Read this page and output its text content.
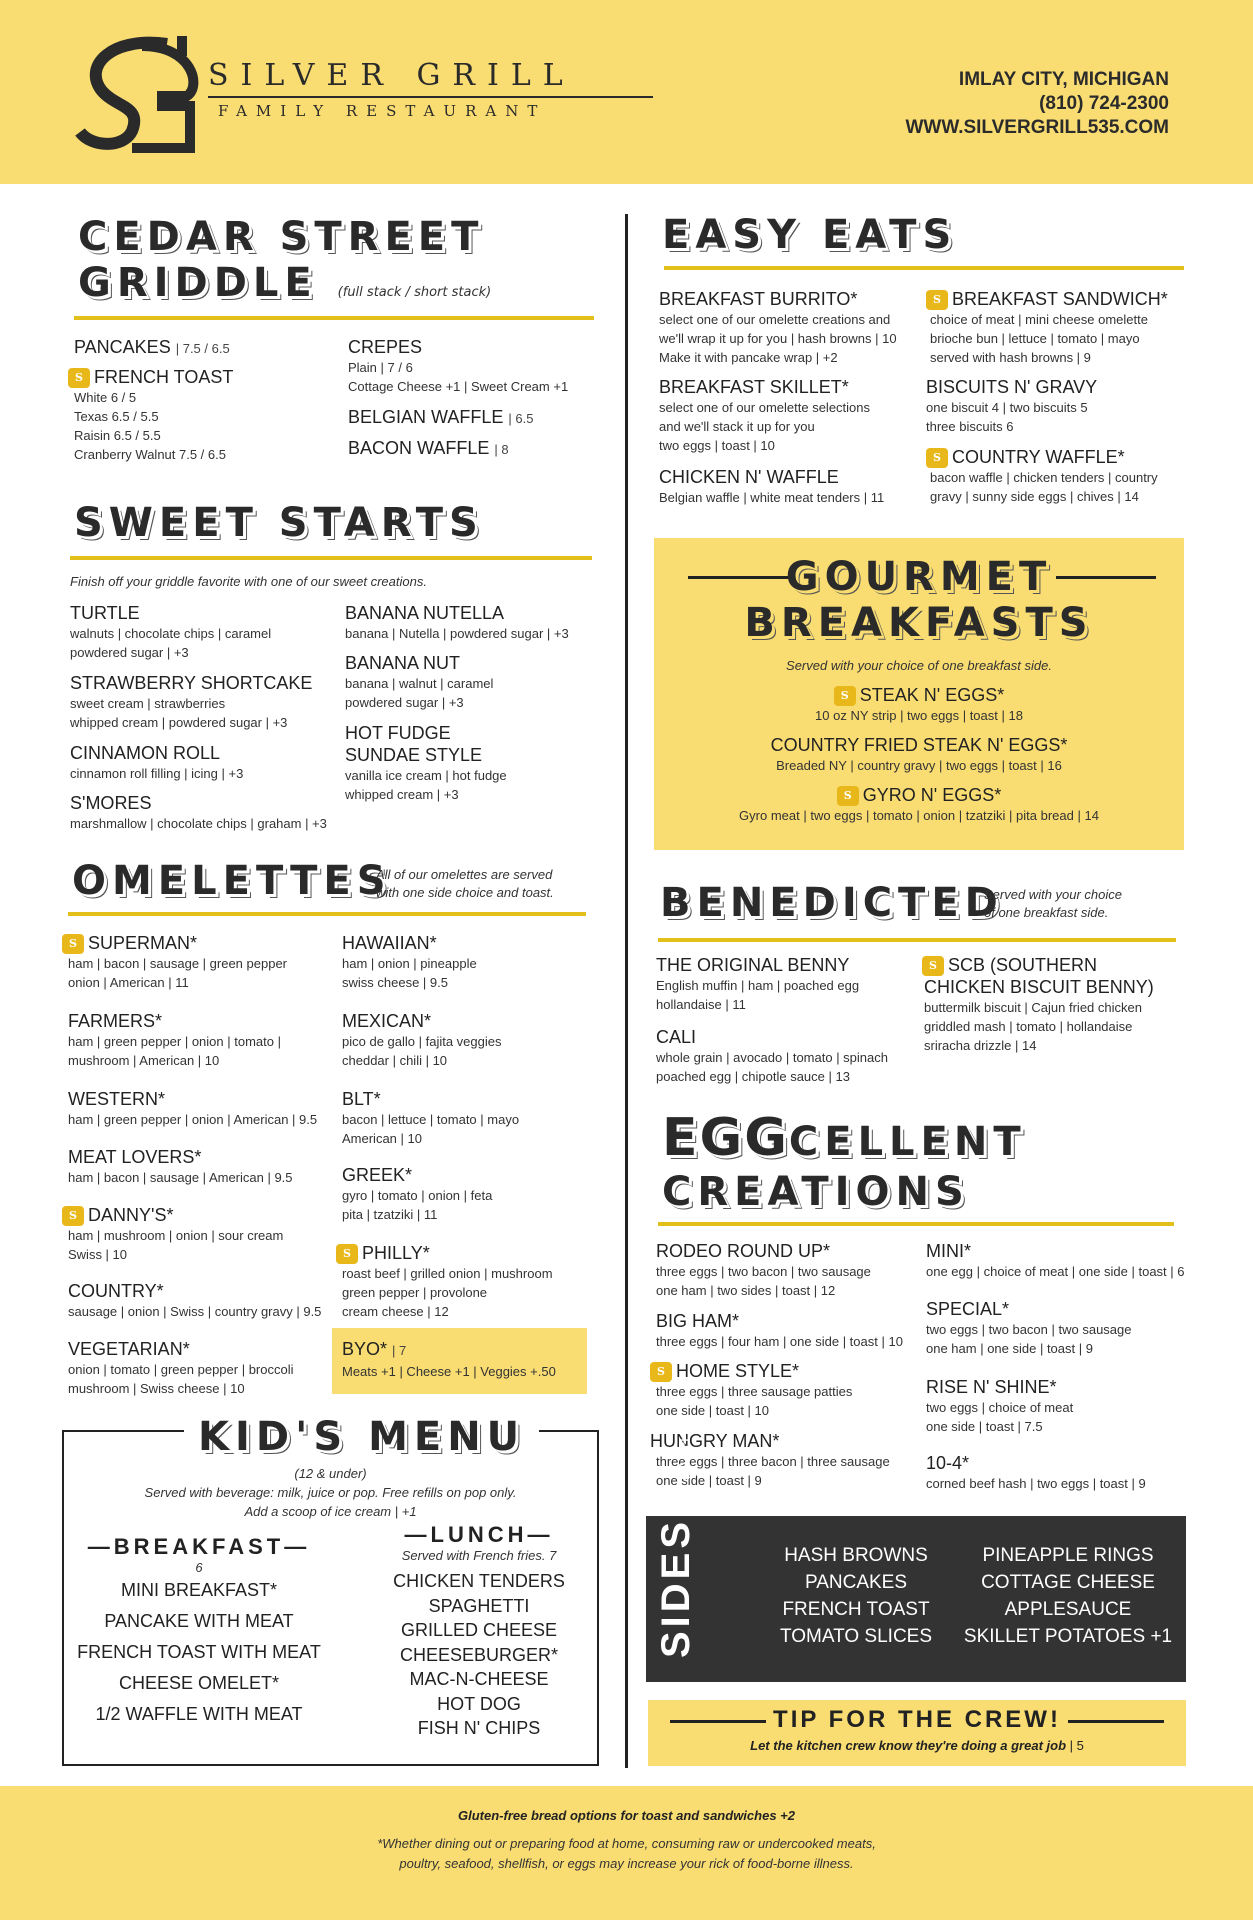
SILVER GRILL
FAMILY RESTAURANT
IMLAY CITY, MICHIGAN
(810) 724-2300
WWW.SILVERGRILL535.COM
CEDAR STREET
GRIDDLE (full stack / short stack)
PANCAKES | 7.5 / 6.5
S FRENCH TOAST
White 6 / 5
Texas 6.5 / 5.5
Raisin 6.5 / 5.5
Cranberry Walnut 7.5 / 6.5
CREPES
Plain | 7 / 6
Cottage Cheese +1 | Sweet Cream +1
BELGIAN WAFFLE | 6.5
BACON WAFFLE | 8
SWEET STARTS
Finish off your griddle favorite with one of our sweet creations.
TURTLE
walnuts | chocolate chips | caramel
powdered sugar | +3
STRAWBERRY SHORTCAKE
sweet cream | strawberries
whipped cream | powdered sugar | +3
CINNAMON ROLL
cinnamon roll filling | icing | +3
S'MORES
marshmallow | chocolate chips | graham | +3
BANANA NUTELLA
banana | Nutella | powdered sugar | +3
BANANA NUT
banana | walnut | caramel
powdered sugar | +3
HOT FUDGE
SUNDAE STYLE
vanilla ice cream | hot fudge
whipped cream | +3
OMELETTES
All of our omelettes are served
with one side choice and toast.
S SUPERMAN*
ham | bacon | sausage | green pepper
onion | American | 11
FARMERS*
ham | green pepper | onion | tomato |
mushroom | American | 10
WESTERN*
ham | green pepper | onion | American | 9.5
MEAT LOVERS*
ham | bacon | sausage | American | 9.5
S DANNY'S*
ham | mushroom | onion | sour cream
Swiss | 10
COUNTRY*
sausage | onion | Swiss | country gravy | 9.5
VEGETARIAN*
onion | tomato | green pepper | broccoli
mushroom | Swiss cheese | 10
HAWAIIAN*
ham | onion | pineapple
swiss cheese | 9.5
MEXICAN*
pico de gallo | fajita veggies
cheddar | chili | 10
BLT*
bacon | lettuce | tomato | mayo
American | 10
GREEK*
gyro | tomato | onion | feta
pita | tzatziki | 11
S PHILLY*
roast beef | grilled onion | mushroom
green pepper | provolone
cream cheese | 12
BYO* | 7
Meats +1 | Cheese +1 | Veggies +.50
KID'S MENU
(12 & under)
Served with beverage: milk, juice or pop. Free refills on pop only.
Add a scoop of ice cream | +1
—BREAKFAST—
6
MINI BREAKFAST*
PANCAKE WITH MEAT
FRENCH TOAST WITH MEAT
CHEESE OMELET*
1/2 WAFFLE WITH MEAT
—LUNCH—
Served with French fries. 7
CHICKEN TENDERS
SPAGHETTI
GRILLED CHEESE
CHEESEBURGER*
MAC-N-CHEESE
HOT DOG
FISH N' CHIPS
EASY EATS
BREAKFAST BURRITO*
select one of our omelette creations and
we'll wrap it up for you | hash browns | 10
Make it with pancake wrap | +2
BREAKFAST SKILLET*
select one of our omelette selections
and we'll stack it up for you
two eggs | toast | 10
CHICKEN N' WAFFLE
Belgian waffle | white meat tenders | 11
S BREAKFAST SANDWICH*
choice of meat | mini cheese omelette
brioche bun | lettuce | tomato | mayo
served with hash browns | 9
BISCUITS N' GRAVY
one biscuit 4 | two biscuits 5
three biscuits 6
S COUNTRY WAFFLE*
bacon waffle | chicken tenders | country
gravy | sunny side eggs | chives | 14
GOURMET
BREAKFASTS
Served with your choice of one breakfast side.
S STEAK N' EGGS*
10 oz NY strip | two eggs | toast | 18
COUNTRY FRIED STEAK N' EGGS*
Breaded NY | country gravy | two eggs | toast | 16
S GYRO N' EGGS*
Gyro meat | two eggs | tomato | onion | tzatziki | pita bread | 14
BENEDICTED
Served with your choice
of one breakfast side.
THE ORIGINAL BENNY
English muffin | ham | poached egg
hollandaise | 11
CALI
whole grain | avocado | tomato | spinach
poached egg | chipotle sauce | 13
S SCB (SOUTHERN
CHICKEN BISCUIT BENNY)
buttermilk biscuit | Cajun fried chicken
griddled mash | tomato | hollandaise
sriracha drizzle | 14
EGGCELLENT
CREATIONS
RODEO ROUND UP*
three eggs | two bacon | two sausage
one ham | two sides | toast | 12
BIG HAM*
three eggs | four ham | one side | toast | 10
S HOME STYLE*
three eggs | three sausage patties
one side | toast | 10
HUNGRY MAN*
three eggs | three bacon | three sausage
one side | toast | 9
MINI*
one egg | choice of meat | one side | toast | 6
SPECIAL*
two eggs | two bacon | two sausage
one ham | one side | toast | 9
RISE N' SHINE*
two eggs | choice of meat
one side | toast | 7.5
10-4*
corned beef hash | two eggs | toast | 9
SIDES – 4 EACH –
HASH BROWNS
PANCAKES
FRENCH TOAST
TOMATO SLICES
PINEAPPLE RINGS
COTTAGE CHEESE
APPLESAUCE
SKILLET POTATOES +1
TIP FOR THE CREW!
Let the kitchen crew know they're doing a great job | 5
Gluten-free bread options for toast and sandwiches +2
*Whether dining out or preparing food at home, consuming raw or undercooked meats,
poultry, seafood, shellfish, or eggs may increase your rick of food-borne illness.
